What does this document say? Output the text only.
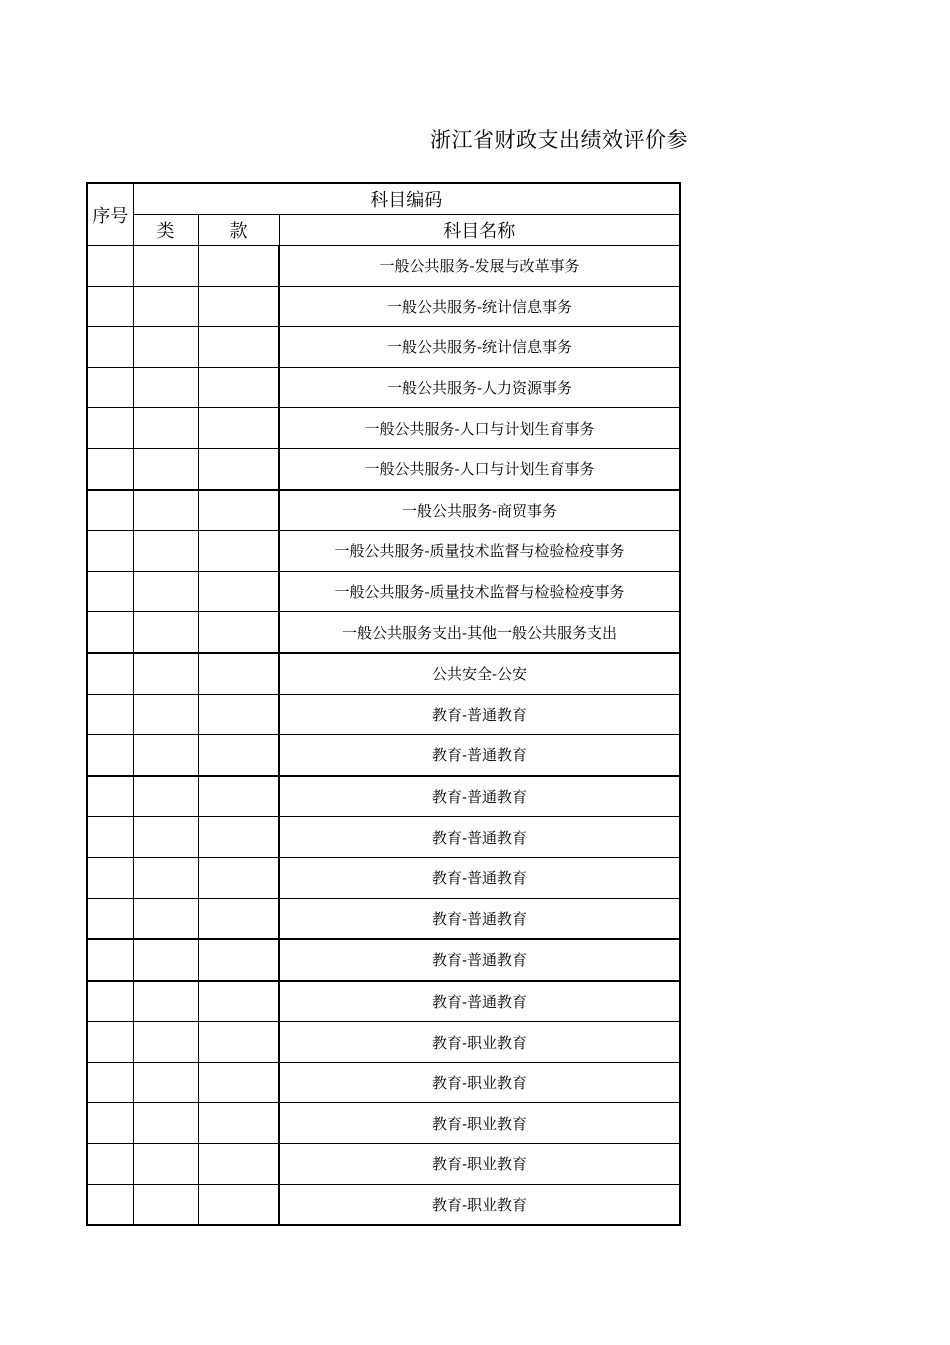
浙江省财政支出绩效评价参
序号	科目编码		
	类	款	科目名称
			一般公共服务-发展与改革事务
			一般公共服务-统计信息事务
			一般公共服务-统计信息事务
			一般公共服务-人力资源事务
			一般公共服务-人口与计划生育事务
			一般公共服务-人口与计划生育事务
			一般公共服务-商贸事务
			一般公共服务-质量技术监督与检验检疫事务
			一般公共服务-质量技术监督与检验检疫事务
			一般公共服务支出-其他一般公共服务支出
			公共安全-公安
			教育-普通教育
			教育-普通教育
			教育-普通教育
			教育-普通教育
			教育-普通教育
			教育-普通教育
			教育-普通教育
			教育-普通教育
			教育-职业教育
			教育-职业教育
			教育-职业教育
			教育-职业教育
			教育-职业教育
